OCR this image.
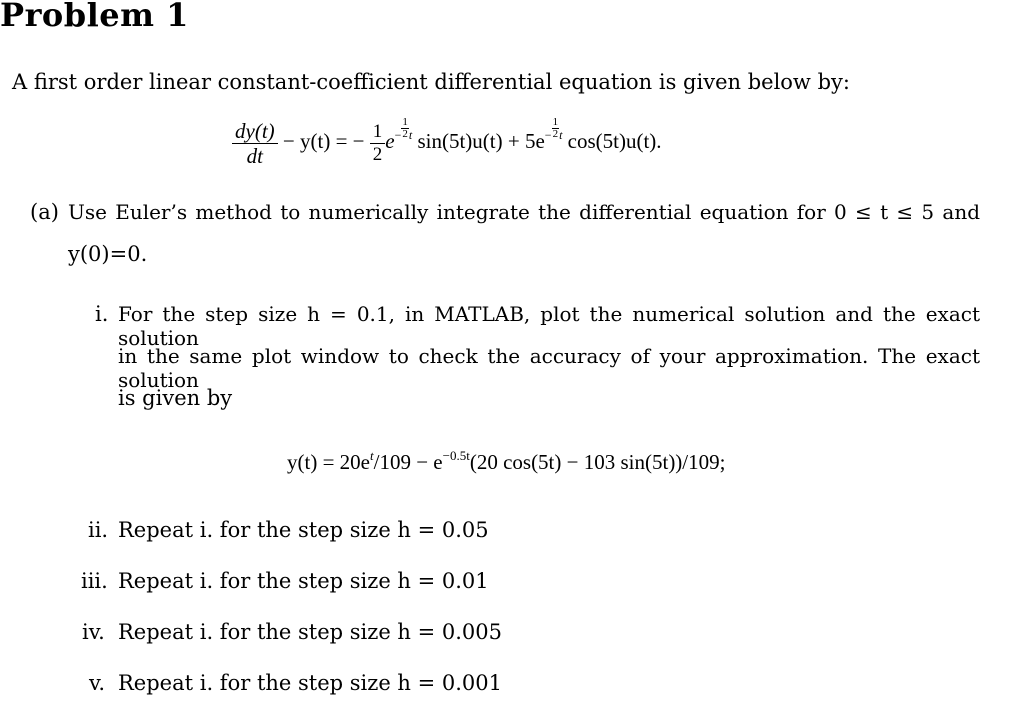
Problem 1
A first order linear constant-coefficient differential equation is given below by:
$\frac{dy(t)}{dt} - y(t)$ = − $\frac{1}{2} e^- \frac{1}{2} ^t$ $\sin(5t)u(t) + 5e^- \frac{1}{2} ^t$ cos(5t)u(t).
(a) Use Euler’s method to numerically integrate the differential equation for 0 ≤ t ≤ 5 and
y(0)=0.
i. For the step size h = 0.1, in MATLAB, plot the numerical solution and the exact solution
in the same plot window to check the accuracy of your approximation. The exact solution
is given by
$y(t) = 20e^t/109 - e^{-0.5t}(20$ cos(5t) − 103 sin(5t))/109;
ii. Repeat i. for the step size h = 0.05
iii. Repeat i. for the step size h = 0.01
iv. Repeat i. for the step size h = 0.005
v. Repeat i. for the step size h = 0.001
